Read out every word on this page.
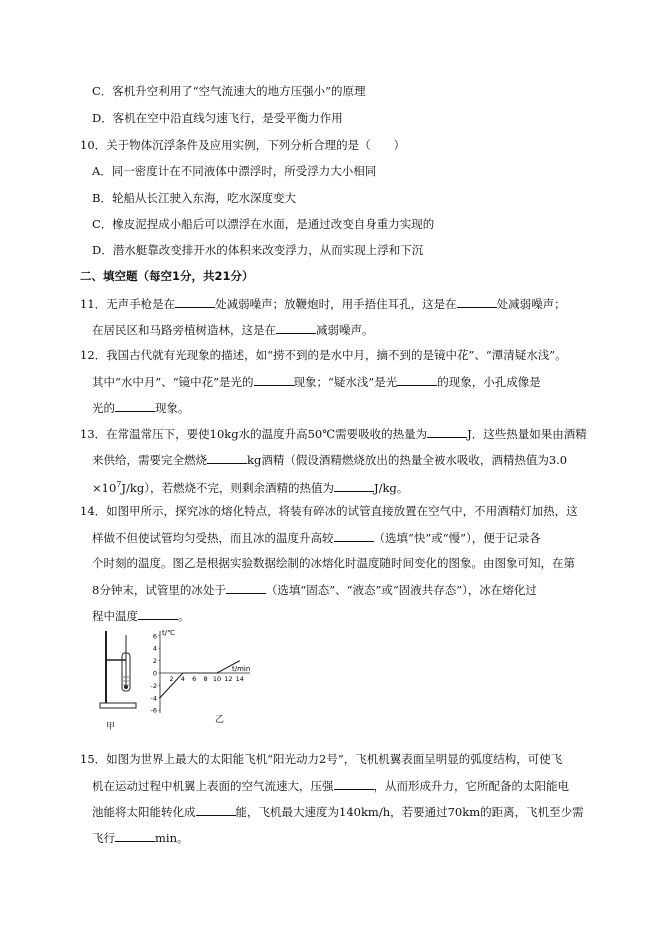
C．客机升空利用了“空气流速大的地方压强小”的原理
D．客机在空中沿直线匀速飞行，是受平衡力作用
10．关于物体沉浮条件及应用实例，下列分析合理的是（　　）
A．同一密度计在不同液体中漂浮时，所受浮力大小相同
B．轮船从长江驶入东海，吃水深度变大
C．橡皮泥捏成小船后可以漂浮在水面，是通过改变自身重力实现的
D．潜水艇靠改变排开水的体积来改变浮力，从而实现上浮和下沉
二、填空题（每空1分，共21分）
11．无声手枪是在	处减弱噪声；放鞭炮时，用手捂住耳孔，这是在	处减弱噪声；
在居民区和马路旁植树造林，这是在	减弱噪声。
12．我国古代就有光现象的描述，如“捞不到的是水中月，摘不到的是镜中花”、“潭清疑水浅”。
其中“水中月”、“镜中花”是光的	现象；“疑水浅”是光	的现象，小孔成像是
光的	现象。
13．在常温常压下，要使10kg水的温度升高50℃需要吸收的热量为	J．这些热量如果由酒精
来供给，需要完全燃烧	kg酒精（假设酒精燃烧放出的热量全被水吸收，酒精热值为3.0
$\times 10^7J/kg$），若燃烧不完，则剩余酒精的热值为	J/kg。
14．如图甲所示，探究冰的熔化特点，将装有碎冰的试管直接放置在空气中，不用酒精灯加热，这
样做不但使试管均匀受热，而且冰的温度升高较	（选填“快”或“慢”），便于记录各
个时刻的温度。图乙是根据实验数据绘制的冰熔化时温度随时间变化的图象。由图象可知，在第
8分钟末，试管里的冰处于	（选填“固态”、“液态”或“固液共存态”），冰在熔化过
程中温度	。
t/℃
t/min
6
4
2
0
-2
-4
-6
2 4 6 8 10 12 14
甲
乙
15．如图为世界上最大的太阳能飞机“阳光动力2号”，飞机机翼表面呈明显的弧度结构，可使飞
机在运动过程中机翼上表面的空气流速大，压强	，从而形成升力，它所配备的太阳能电
池能将太阳能转化成	能，飞机最大速度为140km/h，若要通过70km的距离，飞机至少需
飞行	min。
